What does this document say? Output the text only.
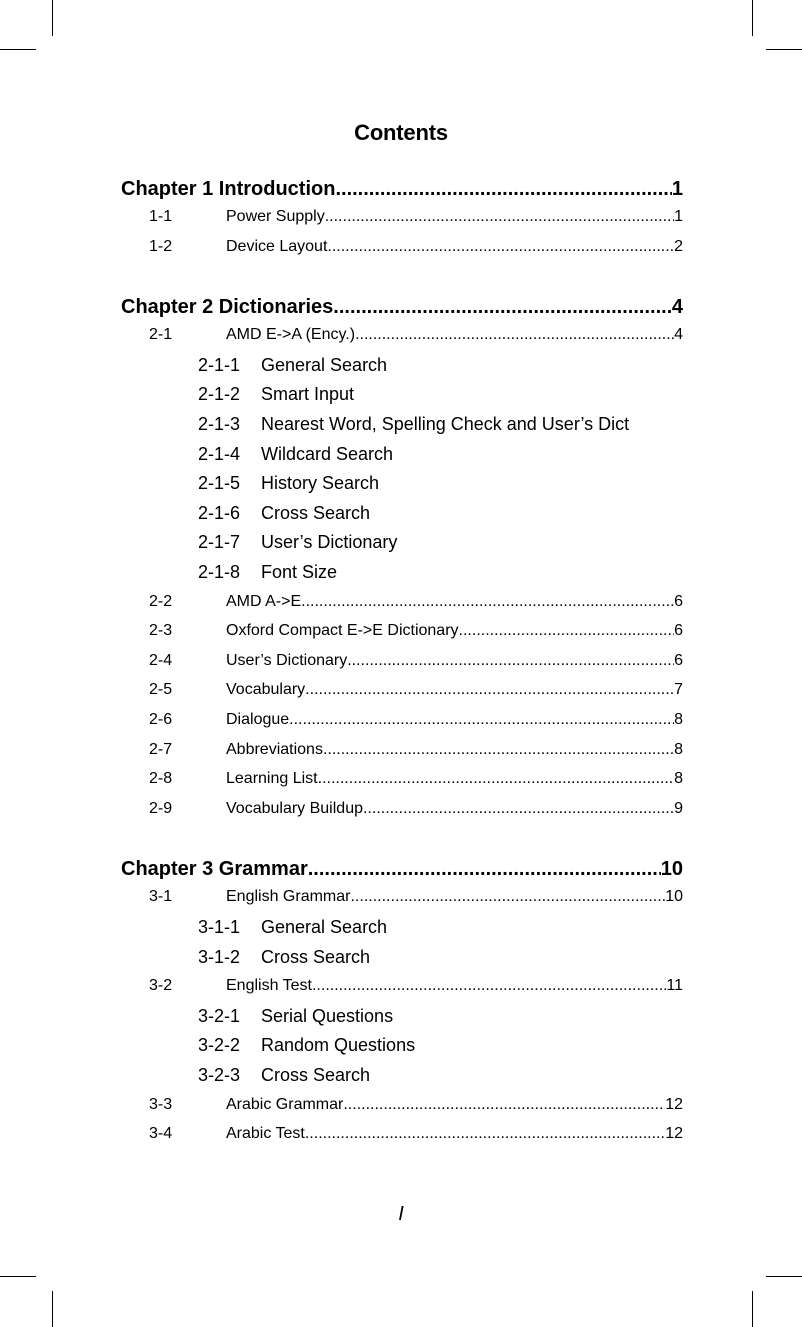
Contents
Chapter 1 Introduction .....	1
1-1	Power Supply .....	1
1-2	Device Layout .....	2
Chapter 2 Dictionaries .....	4
2-1	AMD E->A (Ency.) .....	4
2-1-1	General Search
2-1-2	Smart Input
2-1-3	Nearest Word, Spelling Check and User’s Dict
2-1-4	Wildcard Search
2-1-5	History Search
2-1-6	Cross Search
2-1-7	User’s Dictionary
2-1-8	Font Size
2-2	AMD A->E .....	6
2-3	Oxford Compact E->E Dictionary .....	6
2-4	User’s Dictionary .....	6
2-5	Vocabulary .....	7
2-6	Dialogue .....	8
2-7	Abbreviations .....	8
2-8	Learning List .....	8
2-9	Vocabulary Buildup .....	9
Chapter 3 Grammar .....	10
3-1	English Grammar .....	10
3-1-1	General Search
3-1-2	Cross Search
3-2	English Test .....	11
3-2-1	Serial Questions
3-2-2	Random Questions
3-2-3	Cross Search
3-3	Arabic Grammar .....	12
3-4	Arabic Test .....	12
I
